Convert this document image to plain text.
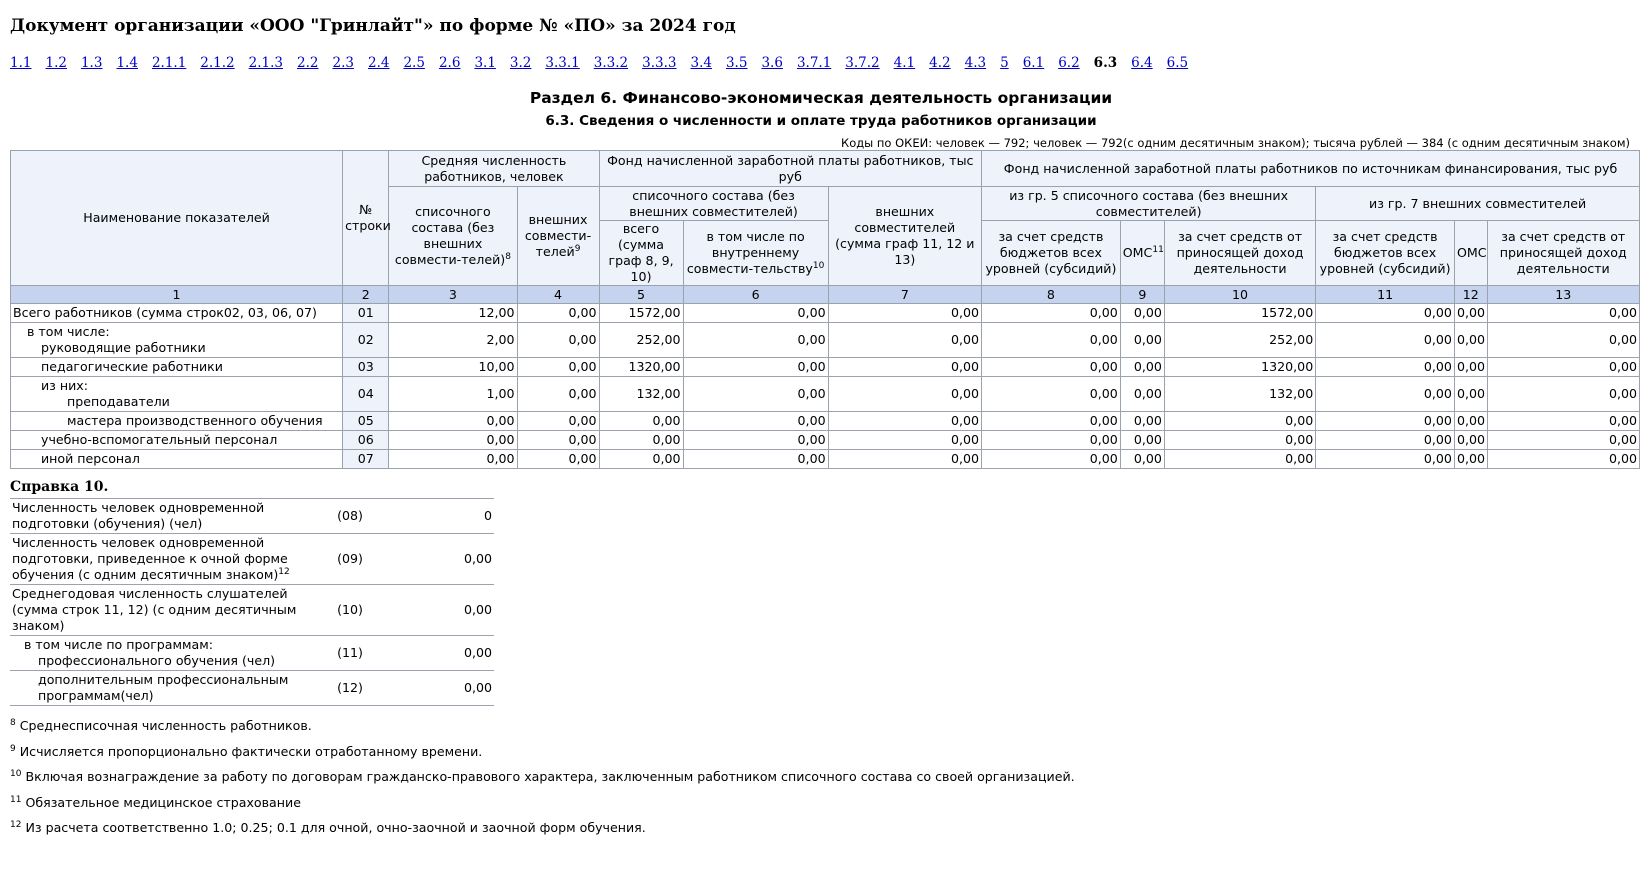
Документ организации «ООО "Гринлайт"» по форме № «ПО» за 2024 год
1.1 1.2 1.3 1.4 2.1.1 2.1.2 2.1.3 2.2 2.3 2.4 2.5 2.6 3.1 3.2 3.3.1 3.3.2 3.3.3 3.4 3.5 3.6 3.7.1 3.7.2 4.1 4.2 4.3 5 6.1 6.2 6.3 6.4 6.5
Раздел 6. Финансово-экономическая деятельность организации
6.3. Сведения о численности и оплате труда работников организации
Коды по ОКЕИ: человек — 792; человек — 792(с одним десятичным знаком); тысяча рублей — 384 (с одним десятичным знаком)
Наименование показателей	№ строки	Средняя численность работников, человек		Фонд начисленной заработной платы работников, тыс руб			Фонд начисленной заработной платы работников по источникам финансирования, тыс руб					
		списочного состава (без внешних совмести-телей)$^8$	внешних совмести-телей$^9$	списочного состава (без внешних совместителей)		внешних совместителей (сумма граф 11, 12 и 13)	из гр. 5 списочного состава (без внешних совместителей)			из гр. 7 внешних совместителей		
				всего (сумма граф 8, 9, 10)	в том числе по внутреннему совмести-тельству$^{10}$		за счет средств бюджетов всех уровней (субсидий)	ОМС$^{11}$	за счет средств от приносящей доход деятельности	за счет средств бюджетов всех уровней (субсидий)	ОМС	за счет средств от приносящей доход деятельности
1	2	3	4	5	6	7	8	9	10	11	12	13

Всего работников (сумма строк02, 03, 06, 07)	01	12,00	0,00	1572,00	0,00	0,00	0,00	0,00	1572,00	0,00	0,00	0,00

в том числе:
руководящие работники	02	2,00	0,00	252,00	0,00	0,00	0,00	0,00	252,00	0,00	0,00	0,00

педагогические работники	03	10,00	0,00	1320,00	0,00	0,00	0,00	0,00	1320,00	0,00	0,00	0,00

из них:
преподаватели	04	1,00	0,00	132,00	0,00	0,00	0,00	0,00	132,00	0,00	0,00	0,00

мастера производственного обучения	05	0,00	0,00	0,00	0,00	0,00	0,00	0,00	0,00	0,00	0,00	0,00

учебно-вспомогательный персонал	06	0,00	0,00	0,00	0,00	0,00	0,00	0,00	0,00	0,00	0,00	0,00

иной персонал	07	0,00	0,00	0,00	0,00	0,00	0,00	0,00	0,00	0,00	0,00	0,00
Справка 10.
Численность человек одновременной подготовки (обучения) (чел)	(08)	0

Численность человек одновременной подготовки, приведенное к очной форме обучения (с одним десятичным знаком)$^{12}$	(09)	0,00

Среднегодовая численность слушателей (сумма строк 11, 12) (с одним десятичным знаком)	(10)	0,00

в том числе по программам:
профессионального обучения (чел)	(11)	0,00

дополнительным профессиональным программам(чел)	(12)	0,00
$^8$ Среднесписочная численность работников.
$^9$ Исчисляется пропорционально фактически отработанному времени.
$^{10}$ Включая вознаграждение за работу по договорам гражданско-правового характера, заключенным работником списочного состава со своей организацией.
$^{11}$ Обязательное медицинское страхование
$^{12}$ Из расчета соответственно 1.0; 0.25; 0.1 для очной, очно-заочной и заочной форм обучения.
